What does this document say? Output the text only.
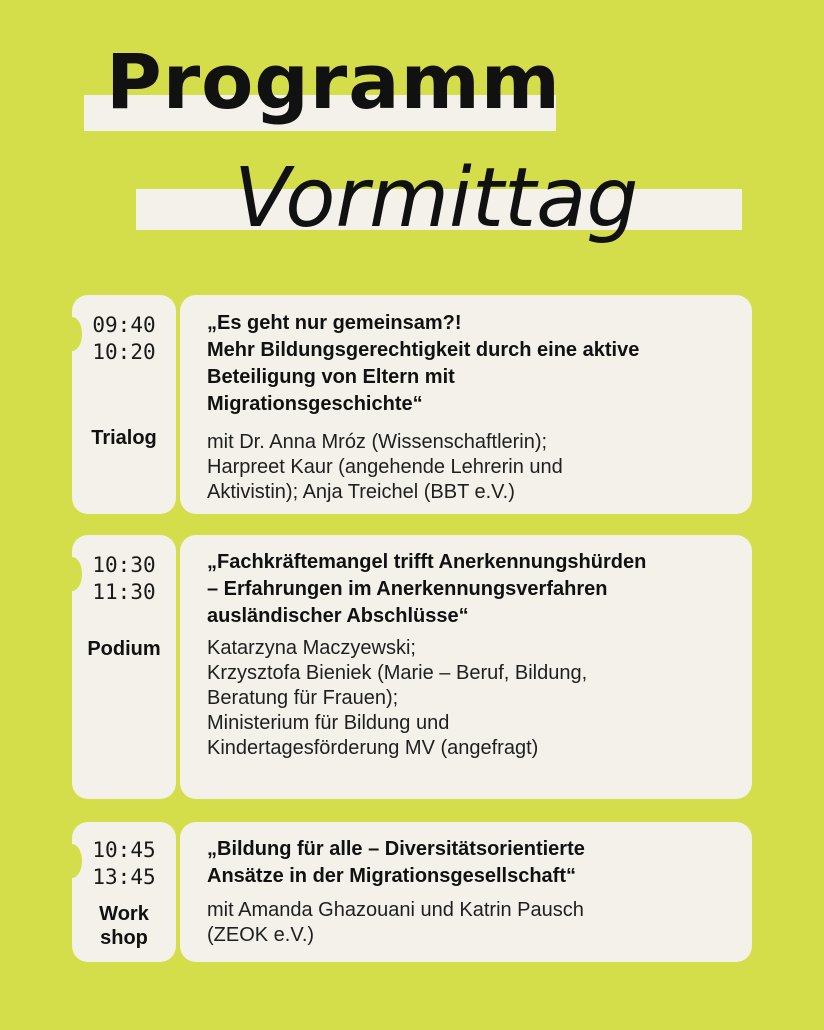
Programm
Vormittag
09:40
10:20
Trialog

„Es geht nur gemeinsam?!

Mehr Bildungsgerechtigkeit durch eine aktive

Beteiligung von Eltern mit

Migrationsgeschichte“

mit Dr. Anna Mróz (Wissenschaftlerin);

Harpreet Kaur (angehende Lehrerin und

Aktivistin); Anja Treichel (BBT e.V.)

10:30
11:30
Podium

„Fachkräftemangel trifft Anerkennungshürden

– Erfahrungen im Anerkennungsverfahren

ausländischer Abschlüsse“

Katarzyna Maczyewski;

Krzysztofa Bieniek (Marie – Beruf, Bildung,

Beratung für Frauen);

Ministerium für Bildung und

Kindertagesförderung MV (angefragt)

10:45
13:45
Work
shop

„Bildung für alle – Diversitätsorientierte

Ansätze in der Migrationsgesellschaft“

mit Amanda Ghazouani und Katrin Pausch

(ZEOK e.V.)
